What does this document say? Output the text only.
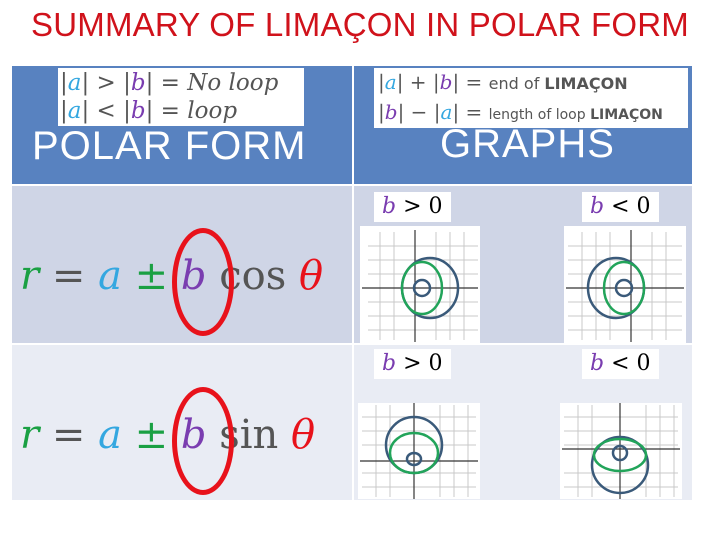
SUMMARY OF LIMAÇON IN POLAR FORM
|a| > |b| = No loop
|a| < |b| = loop
POLAR FORM
|a| + |b| = end of LIMAÇON
|b| − |a| = length of loop LIMAÇON
GRAPHS
r = a ± b cos θ
b > 0	b < 0
r = a ± b sin θ
b > 0	b < 0
